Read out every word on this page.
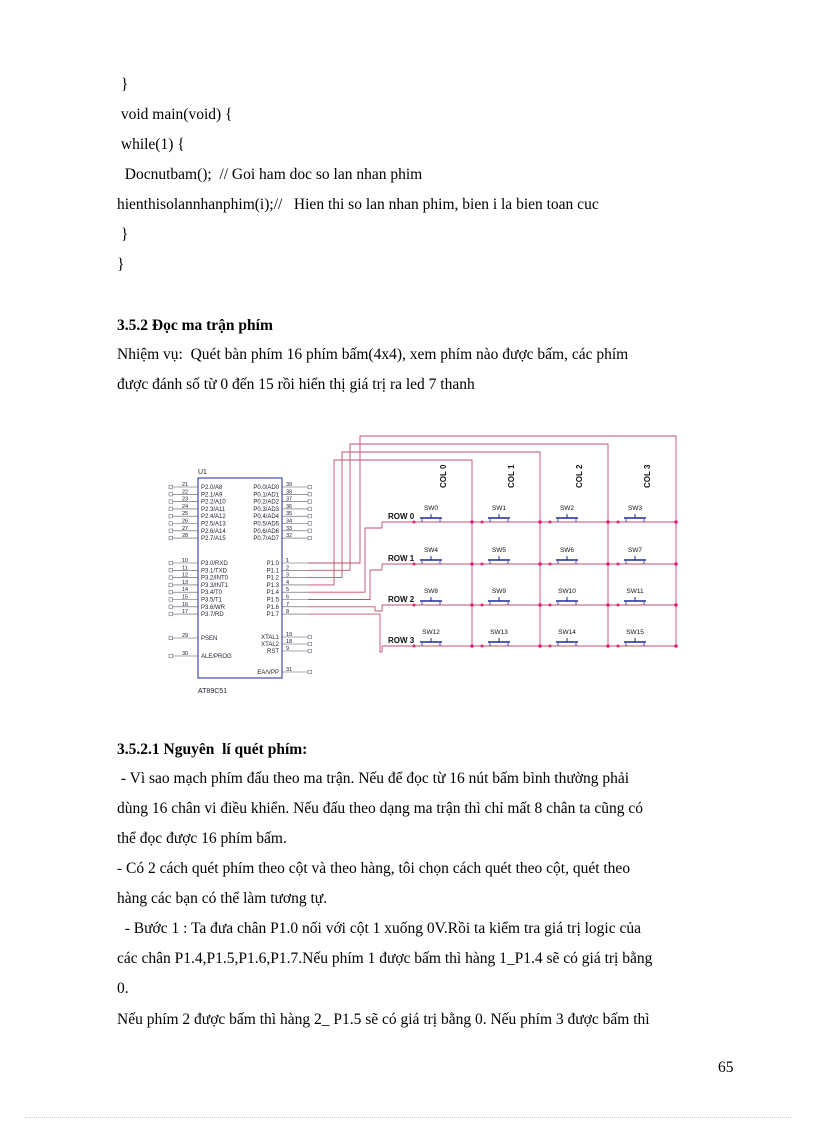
}
void main(void) {
while(1) {
Docnutbam();  // Goi ham doc so lan nhan phim
hienthisolannhanphim(i);//   Hien thi so lan nhan phim, bien i la bien toan cuc
}
}
3.5.2 Đọc ma trận phím
Nhiệm vụ:  Quét bàn phím 16 phím bấm(4x4), xem phím nào được bấm, các phím
được đánh số từ 0 đến 15 rồi hiển thị giá trị ra led 7 thanh
U1
AT89C51
21 P2.0/A8
22 P2.1/A9
23 P2.2/A10
24 P2.3/A11
25 P2.4/A12
26 P2.5/A13
27 P2.6/A14
28 P2.7/A15
39
P0.0/AD0
38
P0.1/AD1
37
P0.2/AD2
36
P0.3/AD3
35
P0.4/AD4
34
P0.5/AD5
33
P0.6/AD6
32
P0.7/AD7
10 P3.0/RXD
11 P3.1/TXD
12 P3.2/INT0
13 P3.3/INT1
14 P3.4/T0
15 P3.5/T1
16 P3.6/WR
17 P3.7/RD
1
P1.0
2
P1.1
3
P1.2
4
P1.3
5
P1.4
6
P1.5
7
P1.6
8
P1.7
29 PSEN
30 ALE/PROG
19
XTAL1
18
XTAL2
9
RST
31
EA/VPP
COL 0	COL 1	COL 2	COL 3
ROW 0
ROW 1
ROW 2
ROW 3
SW0	SW1	SW2	SW3
SW4	SW5	SW6	SW7
SW8	SW9	SW10	SW11
SW12	SW13	SW14	SW15
3.5.2.1 Nguyên  lí quét phím:
- Vì sao mạch phím đấu theo ma trận. Nếu để đọc từ 16 nút bấm bình thường phải
dùng 16 chân vi điều khiển. Nếu đấu theo dạng ma trận thì chỉ mất 8 chân ta cũng có
thể đọc được 16 phím bấm.
- Có 2 cách quét phím theo cột và theo hàng, tôi chọn cách quét theo cột, quét theo
hàng các bạn có thể làm tương tự.
- Bước 1 : Ta đưa chân P1.0 nối với cột 1 xuống 0V.Rồi ta kiểm tra giá trị logic của
các chân P1.4,P1.5,P1.6,P1.7.Nếu phím 1 được bấm thì hàng 1_P1.4 sẽ có giá trị bằng
0.
Nếu phím 2 được bấm thì hàng 2_ P1.5 sẽ có giá trị bằng 0. Nếu phím 3 được bấm thì
65
